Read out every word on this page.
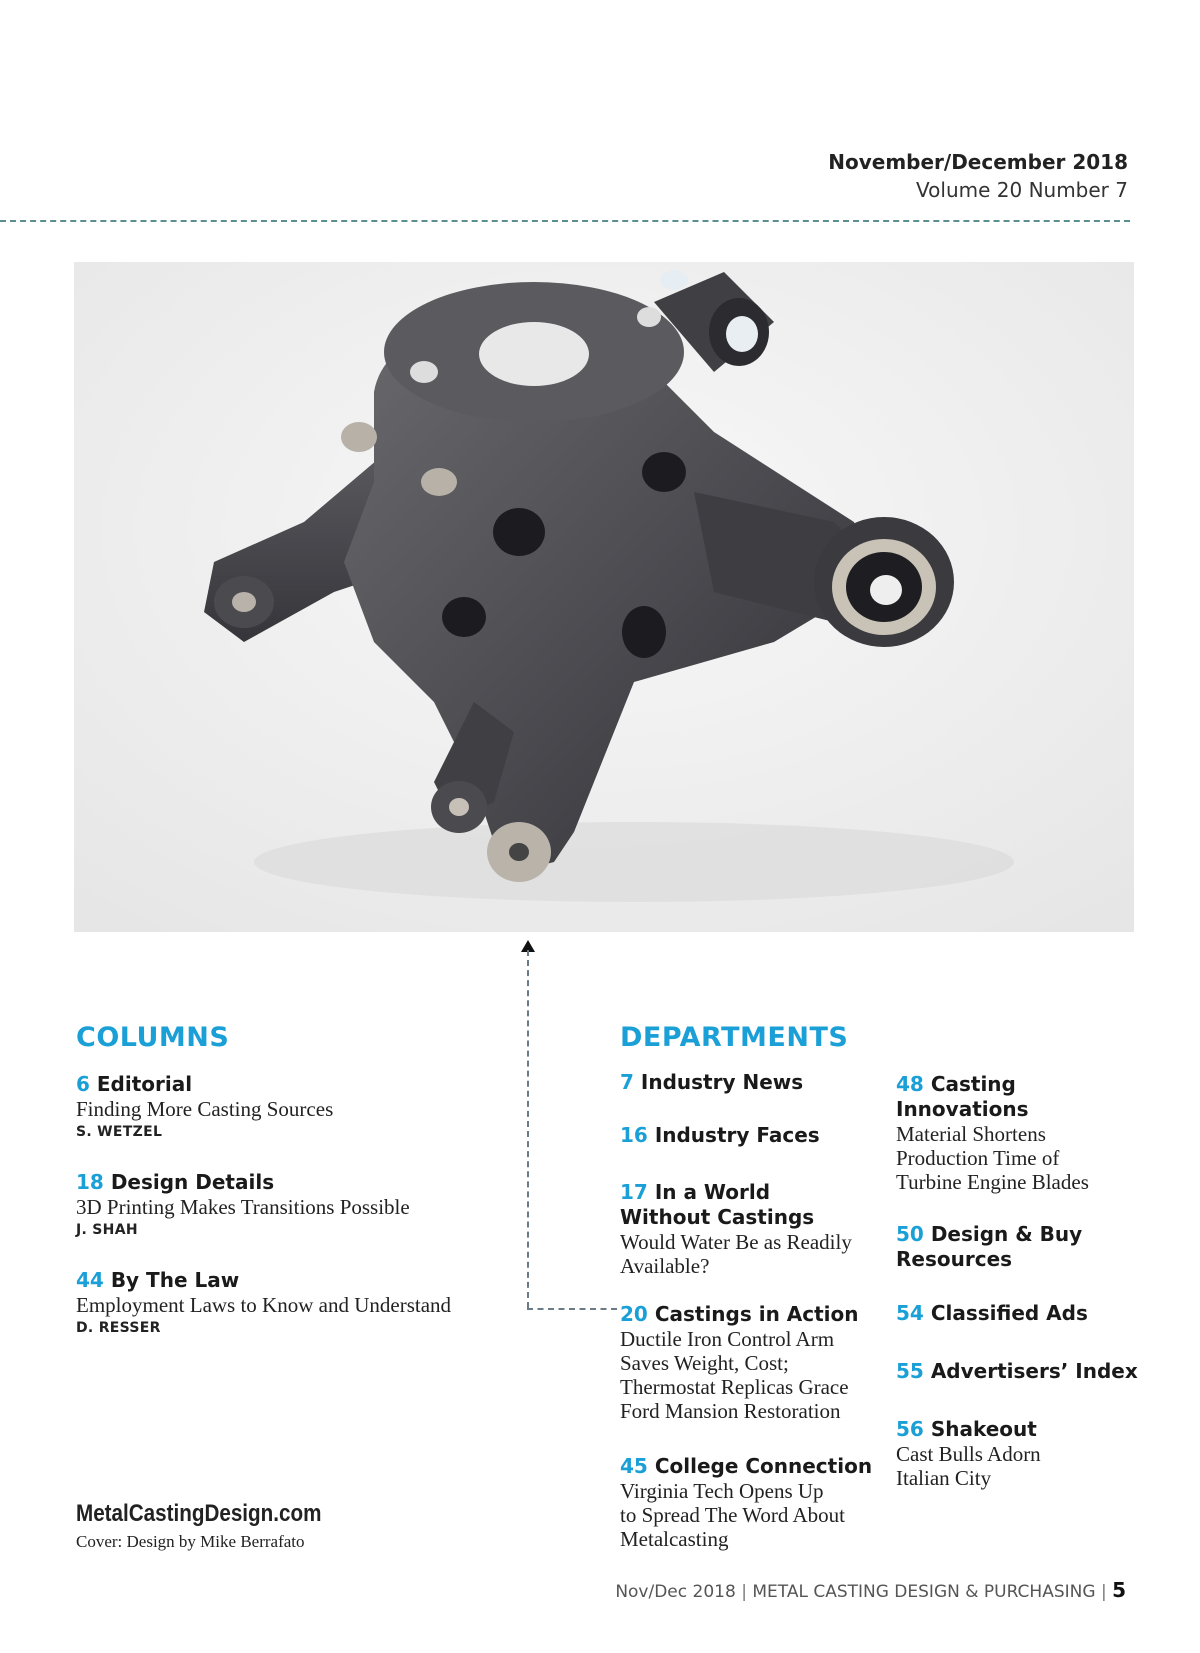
November/December 2018
Volume 20 Number 7
COLUMNS
6 Editorial
Finding More Casting Sources
S. WETZEL
18 Design Details
3D Printing Makes Transitions Possible
J. SHAH
44 By The Law
Employment Laws to Know and Understand
D. RESSER
DEPARTMENTS
7 Industry News
16 Industry Faces
17 In a World Without Castings
Would Water Be as Readily Available?
20 Castings in Action
Ductile Iron Control Arm Saves Weight, Cost; Thermostat Replicas Grace Ford Mansion Restoration
45 College Connection
Virginia Tech Opens Up to Spread The Word About Metalcasting
48 Casting Innovations
Material Shortens Production Time of Turbine Engine Blades
50 Design & Buy Resources
54 Classified Ads
55 Advertisers’ Index
56 Shakeout
Cast Bulls Adorn Italian City
MetalCastingDesign.com
Cover: Design by Mike Berrafato
Nov/Dec 2018 | METAL CASTING DESIGN & PURCHASING | 5
